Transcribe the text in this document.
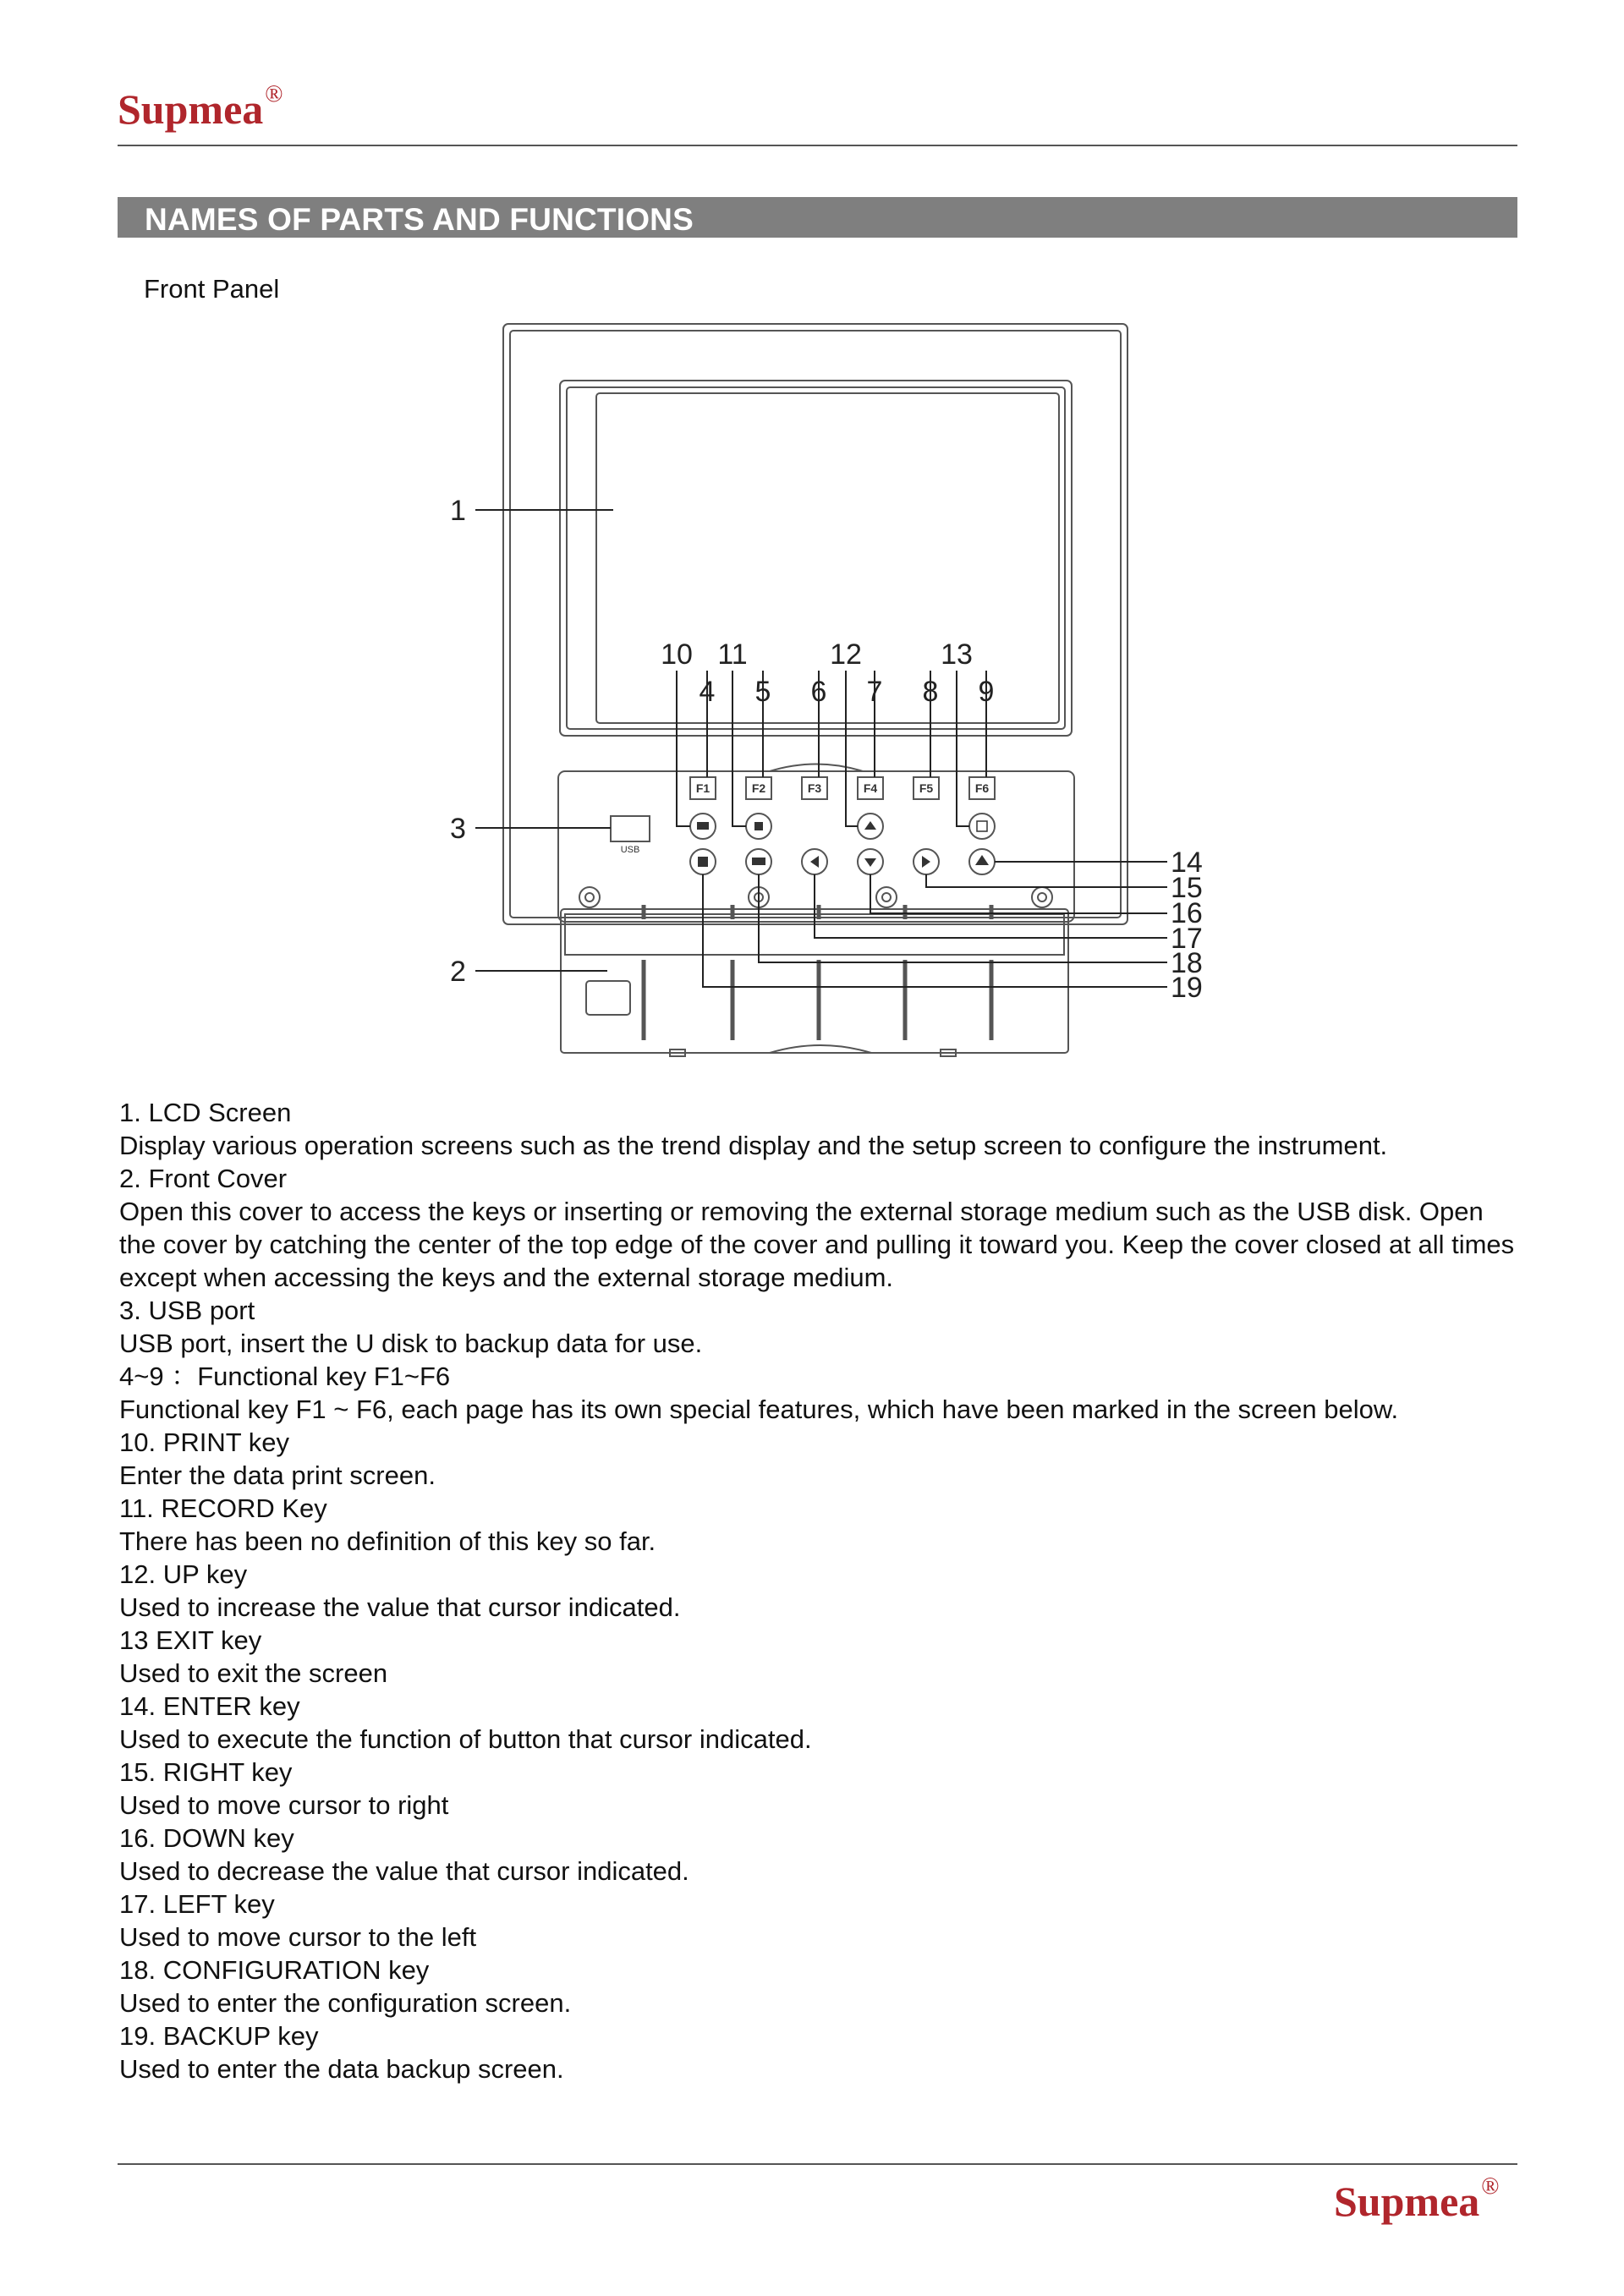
Supmea®
NAMES OF PARTS AND FUNCTIONS
Front Panel
USB
F1	F2	F3	F4	F5	F6
1
2
3
4 5 6 7 8 9
10 11	12	13
14
15
16
17
18
19
1. LCD Screen
Display various operation screens such as the trend display and the setup screen to configure the instrument.
2. Front Cover
Open this cover to access the keys or inserting or removing the external storage medium such as the USB disk. Open the cover by catching the center of the top edge of the cover and pulling it toward you. Keep the cover closed at all times except when accessing the keys and the external storage medium.
3. USB port
USB port, insert the U disk to backup data for use.
4~9 ：Functional key F1~F6
Functional key F1 ~ F6, each page has its own special features, which have been marked in the screen below.
10. PRINT key
Enter the data print screen.
11. RECORD Key
There has been no definition of this key so far.
12. UP key
Used to increase the value that cursor indicated.
13 EXIT key
Used to exit the screen
14. ENTER key
Used to execute the function of button that cursor indicated.
15. RIGHT key
Used to move cursor to right
16. DOWN key
Used to decrease the value that cursor indicated.
17. LEFT key
Used to move cursor to the left
18. CONFIGURATION key
Used to enter the configuration screen.
19. BACKUP key
Used to enter the data backup screen.
Supmea®
